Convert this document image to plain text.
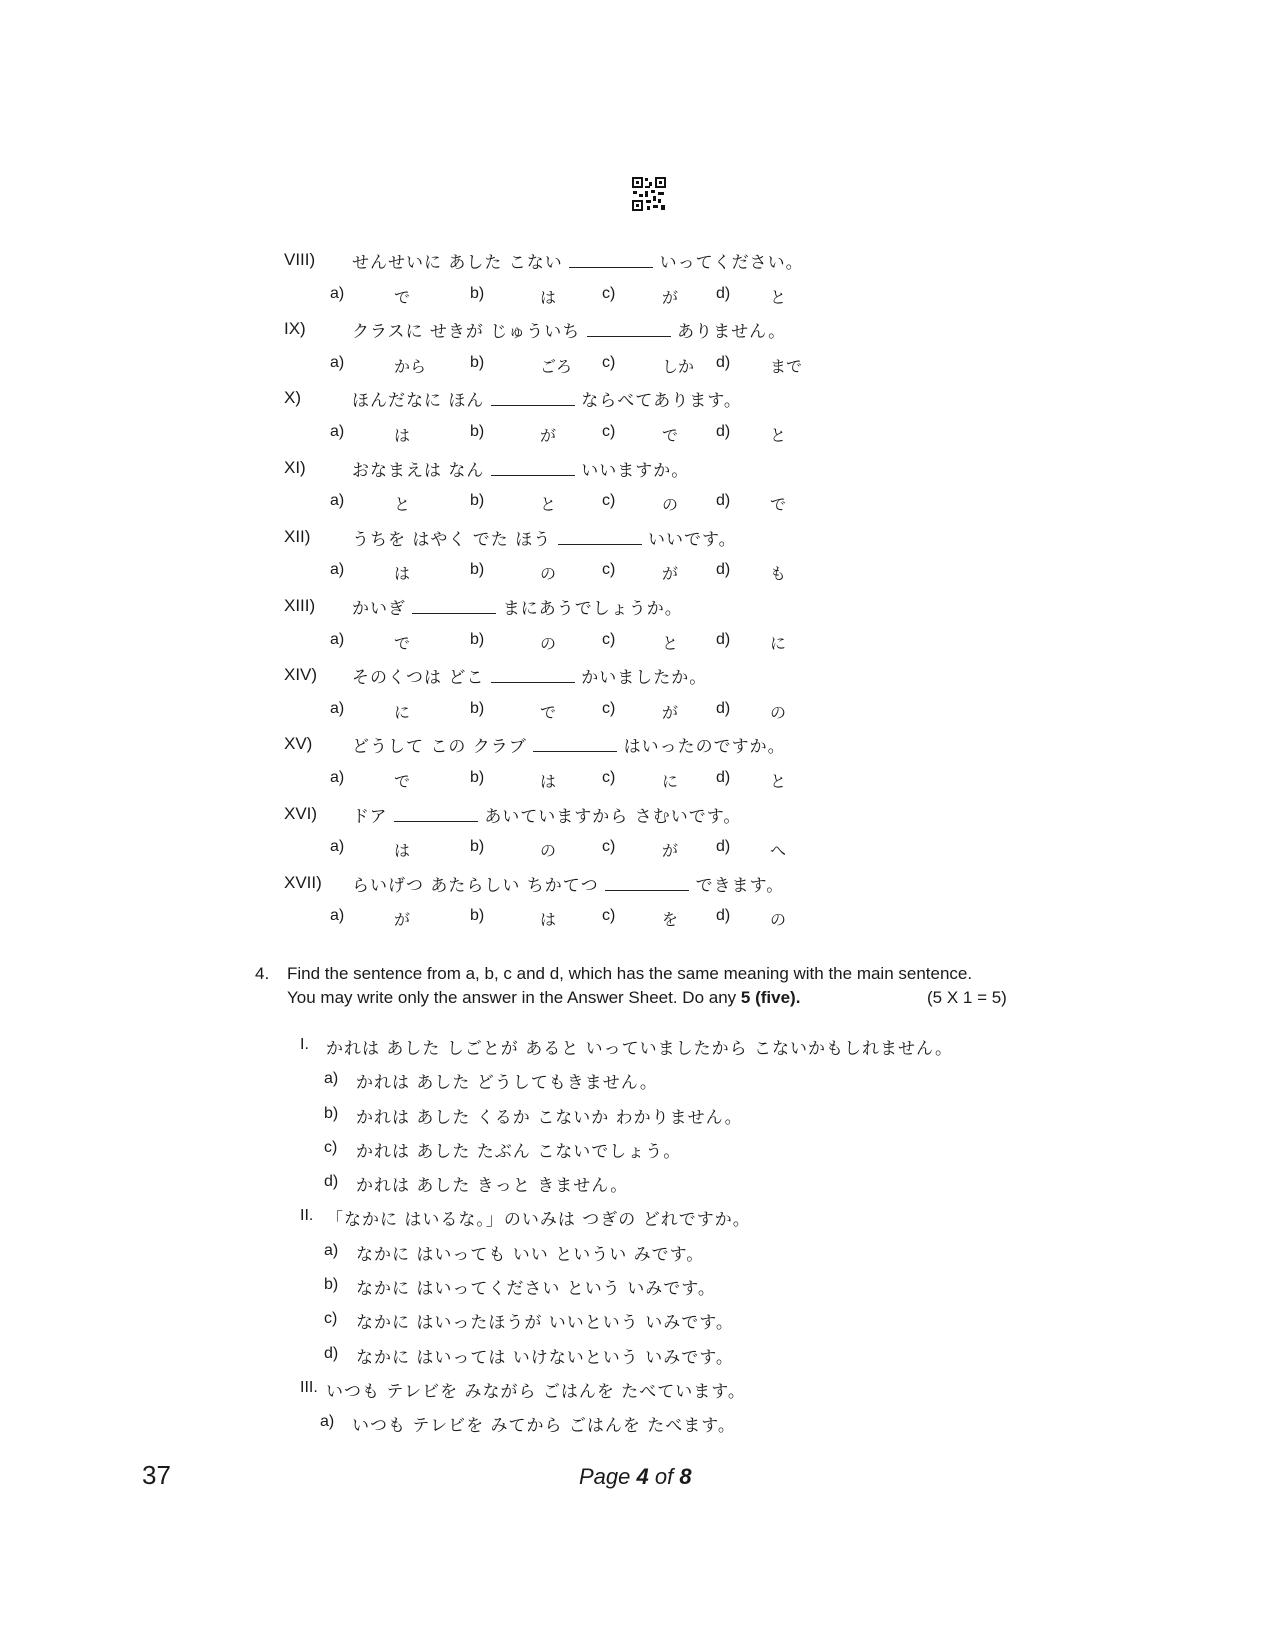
VIII) せんせいに あした こない	いってください。
a)	で	b)	は	c)	が d) と
IX)	クラスに せきが じゅういち	ありません。
a)	から	b)	ごろ c)	しか d) まで
X)	ほんだなに ほん	ならべてあります。
a)	は	b)	が	c)	で d) と
XI)	おなまえは なん	いいますか。
a)	と	b)	と	c)	の d) で
XII) うちを はやく でた ほう	いいです。
a)	は	b)	の	c)	が d) も
XIII) かいぎ	まにあうでしょうか。
a)	で	b)	の	c)	と d) に
XIV) そのくつは どこ	かいましたか。
a)	に	b)	で	c)	が d) の
XV) どうして この クラブ	はいったのですか。
a)	で	b)	は	c)	に d) と
XVI) ドア	あいていますから さむいです。
a)	は	b)	の	c)	が d) へ
XVII) らいげつ あたらしい ちかてつ	できます。
a)	が	b)	は	c)	を d) の
4. Find the sentence from a, b, c and d, which has the same meaning with the main sentence.
You may write only the answer in the Answer Sheet. Do any 5 (five).	(5 X 1 = 5)
I. かれは あした しごとが あると いっていましたから こないかもしれません。
a) かれは あした どうしてもきません。
b) かれは あした くるか こないか わかりません。
c) かれは あした たぶん こないでしょう。
d) かれは あした きっと きません。
II. 「なかに はいるな。」のいみは つぎの どれですか。
a) なかに はいっても いい というい みです。
b) なかに はいってください という いみです。
c) なかに はいったほうが いいという いみです。
d) なかに はいっては いけないという いみです。
III. いつも テレビを みながら ごはんを たべています。
a) いつも テレビを みてから ごはんを たべます。
37	Page 4 of 8
